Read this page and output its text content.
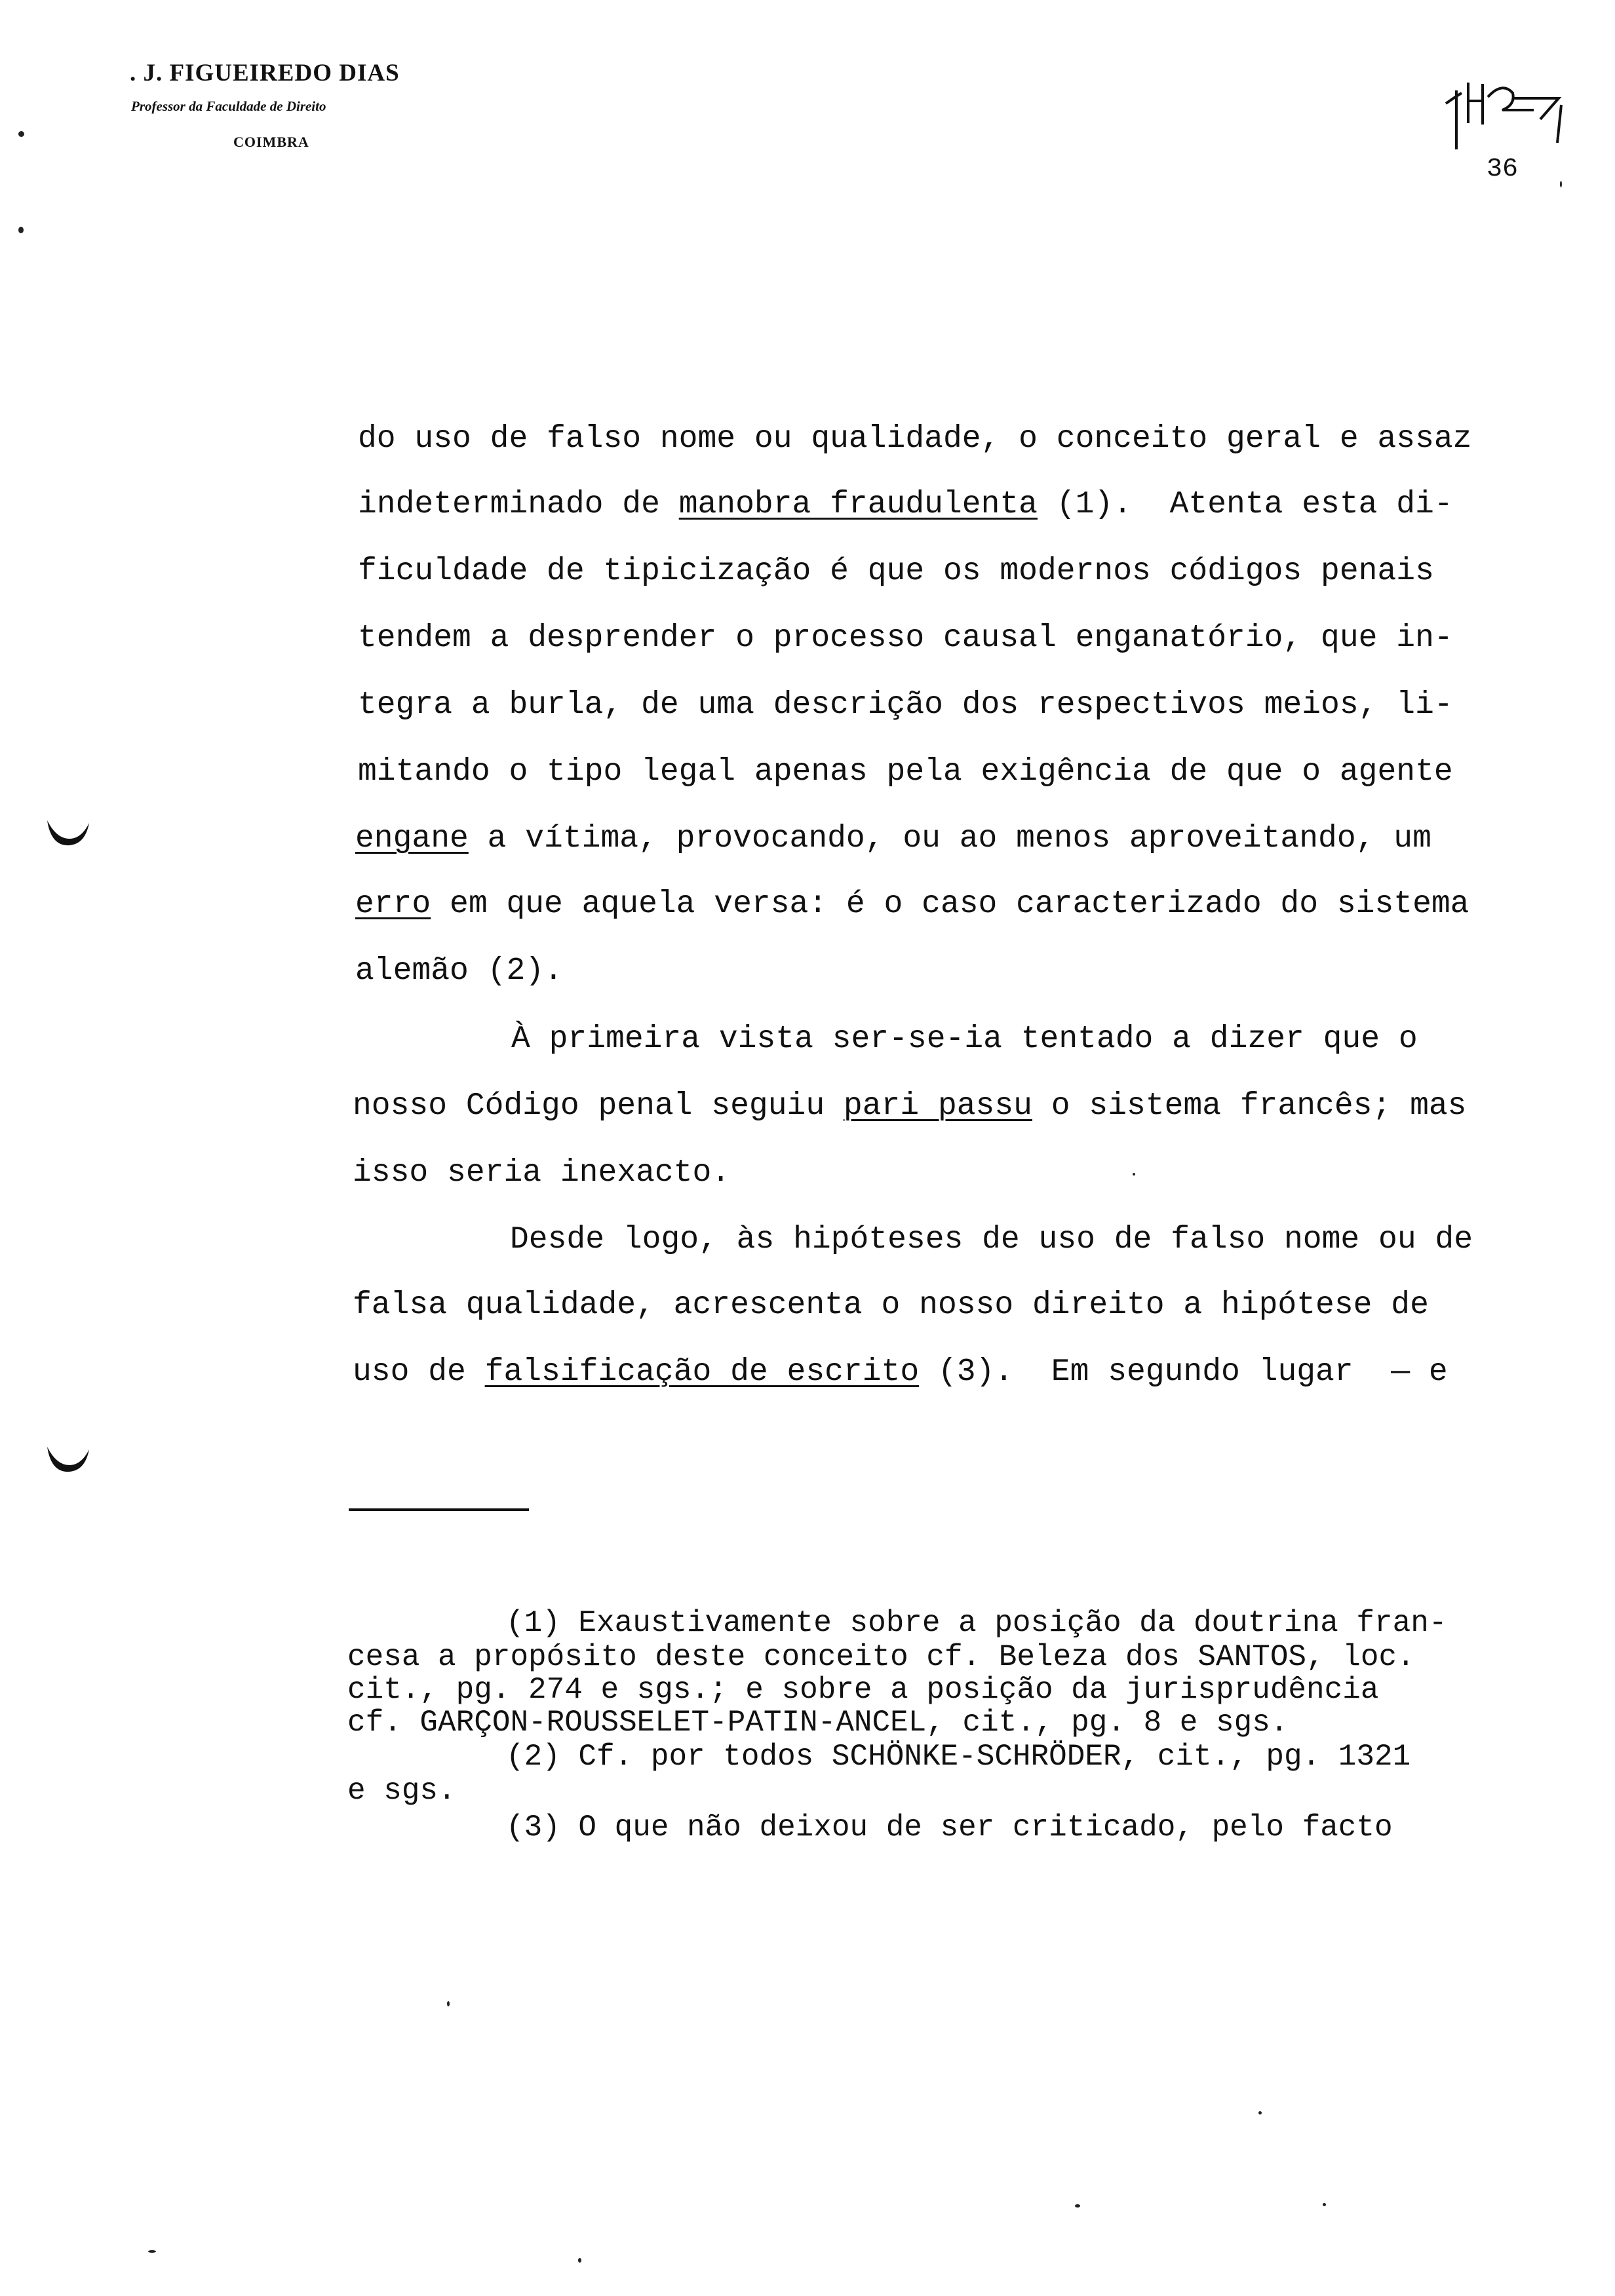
. J. FIGUEIREDO DIAS
Professor da Faculdade de Direito
COIMBRA
36
do uso de falso nome ou qualidade, o conceito geral e assaz
indeterminado de manobra fraudulenta (1).  Atenta esta di-
ficuldade de tipicização é que os modernos códigos penais
tendem a desprender o processo causal enganatório, que in-
tegra a burla, de uma descrição dos respectivos meios, li-
mitando o tipo legal apenas pela exigência de que o agente
engane a vítima, provocando, ou ao menos aproveitando, um
erro em que aquela versa: é o caso caracterizado do sistema
alemão (2).
À primeira vista ser-se-ia tentado a dizer que o
nosso Código penal seguiu pari passu o sistema francês; mas
isso seria inexacto.
Desde logo, às hipóteses de uso de falso nome ou de
falsa qualidade, acrescenta o nosso direito a hipótese de
uso de falsificação de escrito (3).  Em segundo lugar  — e
(1) Exaustivamente sobre a posição da doutrina fran-
cesa a propósito deste conceito cf. Beleza dos SANTOS, loc.
cit., pg. 274 e sgs.; e sobre a posição da jurisprudência
cf. GARÇON-ROUSSELET-PATIN-ANCEL, cit., pg. 8 e sgs.
(2) Cf. por todos SCHÖNKE-SCHRÖDER, cit., pg. 1321
e sgs.
(3) O que não deixou de ser criticado, pelo facto
